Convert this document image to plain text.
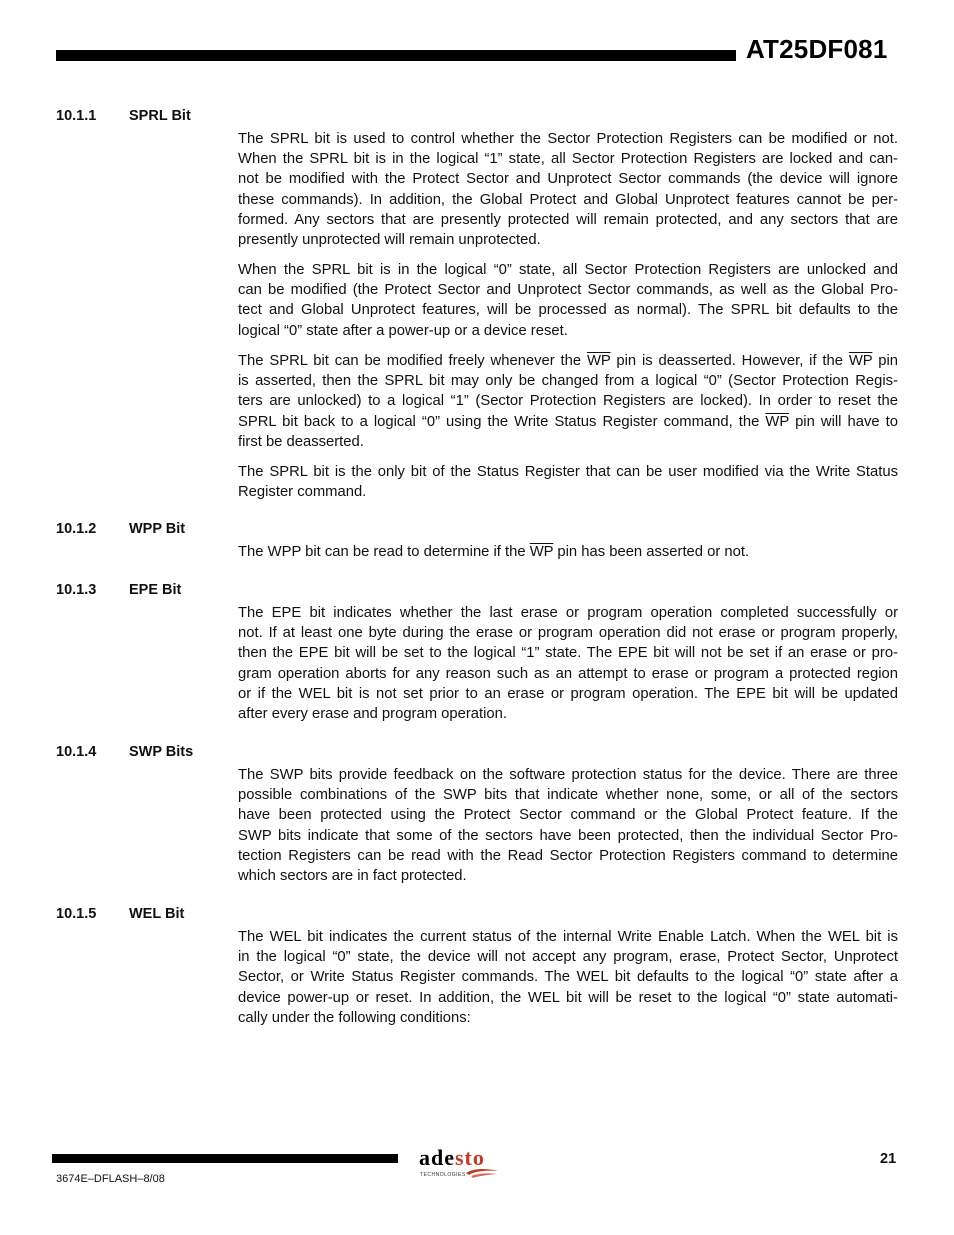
AT25DF081
10.1.1 SPRL Bit
The SPRL bit is used to control whether the Sector Protection Registers can be modified or not.
When the SPRL bit is in the logical “1” state, all Sector Protection Registers are locked and can-
not be modified with the Protect Sector and Unprotect Sector commands (the device will ignore
these commands). In addition, the Global Protect and Global Unprotect features cannot be per-
formed. Any sectors that are presently protected will remain protected, and any sectors that are
presently unprotected will remain unprotected.
When the SPRL bit is in the logical “0” state, all Sector Protection Registers are unlocked and
can be modified (the Protect Sector and Unprotect Sector commands, as well as the Global Pro-
tect and Global Unprotect features, will be processed as normal). The SPRL bit defaults to the
logical “0” state after a power-up or a device reset.
The SPRL bit can be modified freely whenever the $\overline{WP}$ pin is deasserted. However, if the $\overline{WP}$ pin
is asserted, then the SPRL bit may only be changed from a logical “0” (Sector Protection Regis-
ters are unlocked) to a logical “1” (Sector Protection Registers are locked). In order to reset the
SPRL bit back to a logical “0” using the Write Status Register command, the $\overline{WP}$ pin will have to
first be deasserted.
The SPRL bit is the only bit of the Status Register that can be user modified via the Write Status
Register command.
10.1.2 WPP Bit
The WPP bit can be read to determine if the $\overline{WP}$ pin has been asserted or not.
10.1.3 EPE Bit
The EPE bit indicates whether the last erase or program operation completed successfully or
not. If at least one byte during the erase or program operation did not erase or program properly,
then the EPE bit will be set to the logical “1” state. The EPE bit will not be set if an erase or pro-
gram operation aborts for any reason such as an attempt to erase or program a protected region
or if the WEL bit is not set prior to an erase or program operation. The EPE bit will be updated
after every erase and program operation.
10.1.4 SWP Bits
The SWP bits provide feedback on the software protection status for the device. There are three
possible combinations of the SWP bits that indicate whether none, some, or all of the sectors
have been protected using the Protect Sector command or the Global Protect feature. If the
SWP bits indicate that some of the sectors have been protected, then the individual Sector Pro-
tection Registers can be read with the Read Sector Protection Registers command to determine
which sectors are in fact protected.
10.1.5 WEL Bit
The WEL bit indicates the current status of the internal Write Enable Latch. When the WEL bit is
in the logical “0” state, the device will not accept any program, erase, Protect Sector, Unprotect
Sector, or Write Status Register commands. The WEL bit defaults to the logical “0” state after a
device power-up or reset. In addition, the WEL bit will be reset to the logical “0” state automati-
cally under the following conditions:
adesto
TECHNOLOGIES
21
3674E–DFLASH–8/08
